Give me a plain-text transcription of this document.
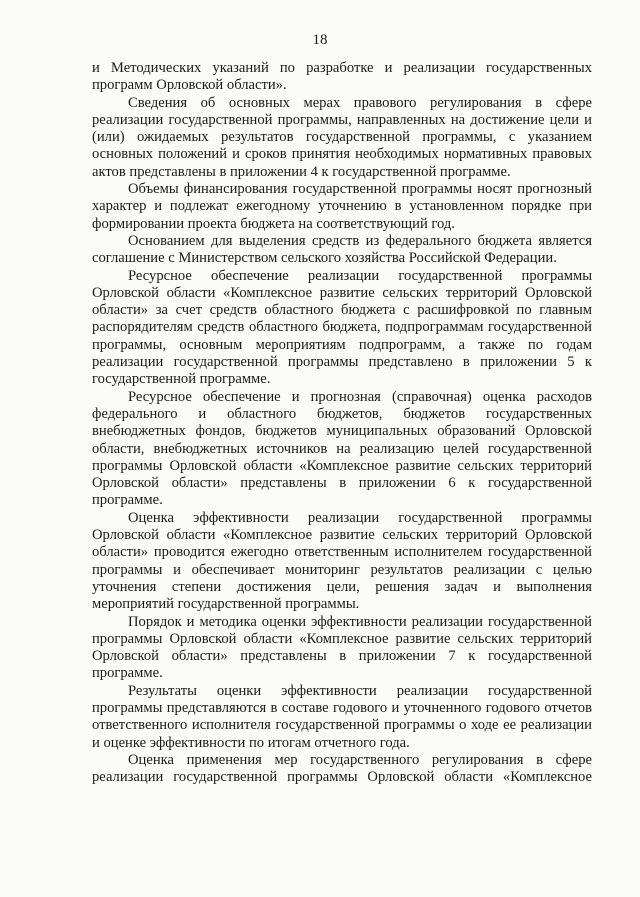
18

и Методических указаний по разработке и реализации государственных программ Орловской области».

Сведения об основных мерах правового регулирования в сфере реализации государственной программы, направленных на достижение цели и (или) ожидаемых результатов государственной программы, с указанием основных положений и сроков принятия необходимых нормативных правовых актов представлены в приложении 4 к государственной программе.

Объемы финансирования государственной программы носят прогнозный характер и подлежат ежегодному уточнению в установленном порядке при формировании проекта бюджета на соответствующий год.

Основанием для выделения средств из федерального бюджета является соглашение с Министерством сельского хозяйства Российской Федерации.

Ресурсное обеспечение реализации государственной программы Орловской области «Комплексное развитие сельских территорий Орловской области» за счет средств областного бюджета с расшифровкой по главным распорядителям средств областного бюджета, подпрограммам государственной программы, основным мероприятиям подпрограмм, а также по годам реализации государственной программы представлено в приложении 5 к государственной программе.

Ресурсное обеспечение и прогнозная (справочная) оценка расходов федерального и областного бюджетов, бюджетов государственных внебюджетных фондов, бюджетов муниципальных образований Орловской области, внебюджетных источников на реализацию целей государственной программы Орловской области «Комплексное развитие сельских территорий Орловской области» представлены в приложении 6 к государственной программе.

Оценка эффективности реализации государственной программы Орловской области «Комплексное развитие сельских территорий Орловской области» проводится ежегодно ответственным исполнителем государственной программы и обеспечивает мониторинг результатов реализации с целью уточнения степени достижения цели, решения задач и выполнения мероприятий государственной программы.

Порядок и методика оценки эффективности реализации государственной программы Орловской области «Комплексное развитие сельских территорий Орловской области» представлены в приложении 7 к государственной программе.

Результаты оценки эффективности реализации государственной программы представляются в составе годового и уточненного годового отчетов ответственного исполнителя государственной программы о ходе ее реализации и оценке эффективности по итогам отчетного года.

Оценка применения мер государственного регулирования в сфере реализации государственной программы Орловской области «Комплексное
